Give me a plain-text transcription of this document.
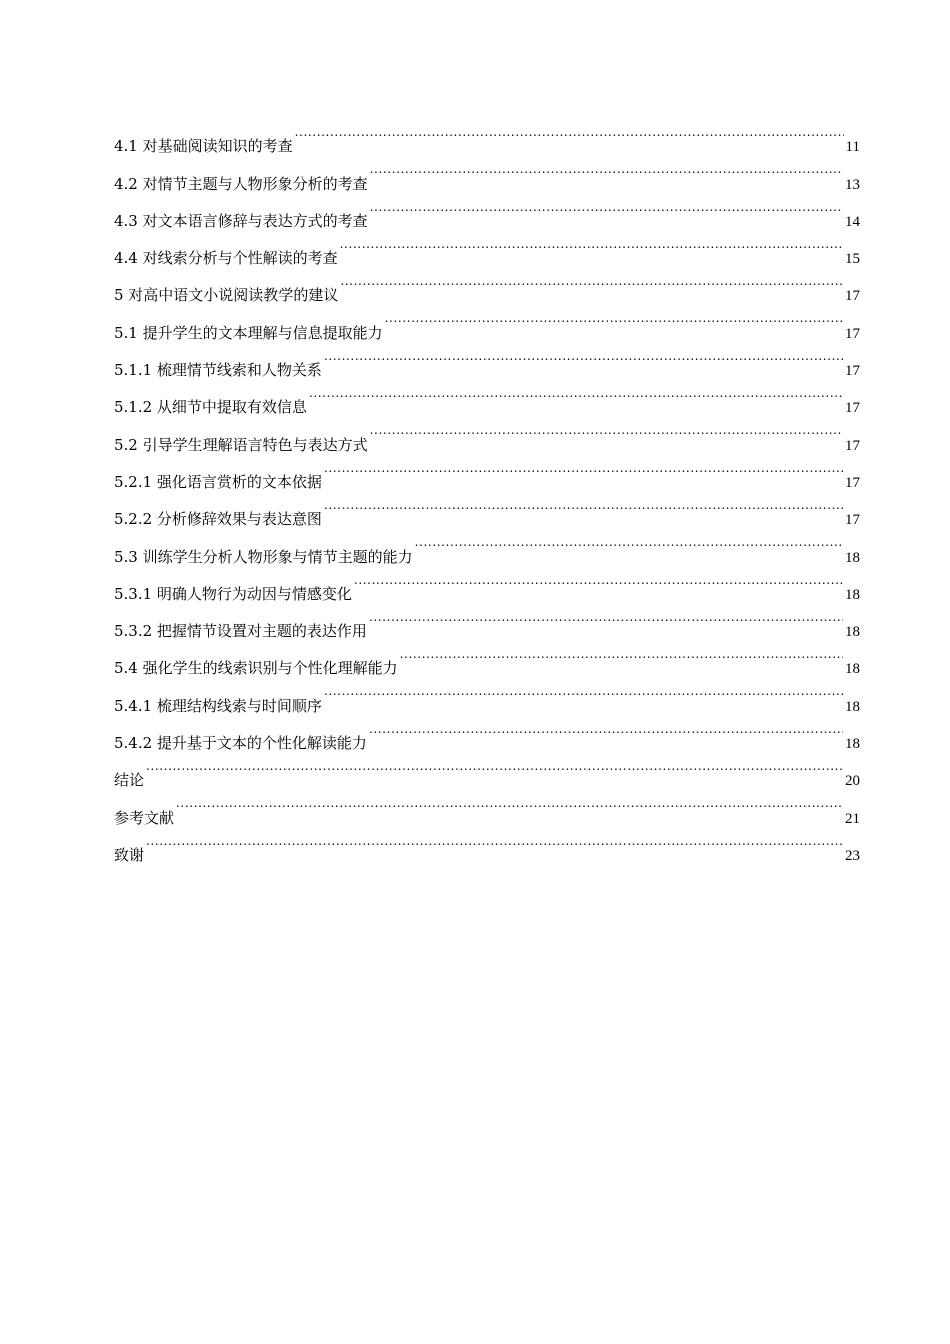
4.1 对基础阅读知识的考查 .....	11
4.2 对情节主题与人物形象分析的考查 .....	13
4.3 对文本语言修辞与表达方式的考查 .....	14
4.4 对线索分析与个性解读的考查 .....	15
5 对高中语文小说阅读教学的建议 .....	17
5.1 提升学生的文本理解与信息提取能力 .....	17
5.1.1 梳理情节线索和人物关系 .....	17
5.1.2 从细节中提取有效信息 .....	17
5.2 引导学生理解语言特色与表达方式 .....	17
5.2.1 强化语言赏析的文本依据 .....	17
5.2.2 分析修辞效果与表达意图 .....	17
5.3 训练学生分析人物形象与情节主题的能力 .....	18
5.3.1 明确人物行为动因与情感变化 .....	18
5.3.2 把握情节设置对主题的表达作用 .....	18
5.4 强化学生的线索识别与个性化理解能力 .....	18
5.4.1 梳理结构线索与时间顺序 .....	18
5.4.2 提升基于文本的个性化解读能力 .....	18
结论 .....	20
参考文献 .....	21
致谢 .....	23
